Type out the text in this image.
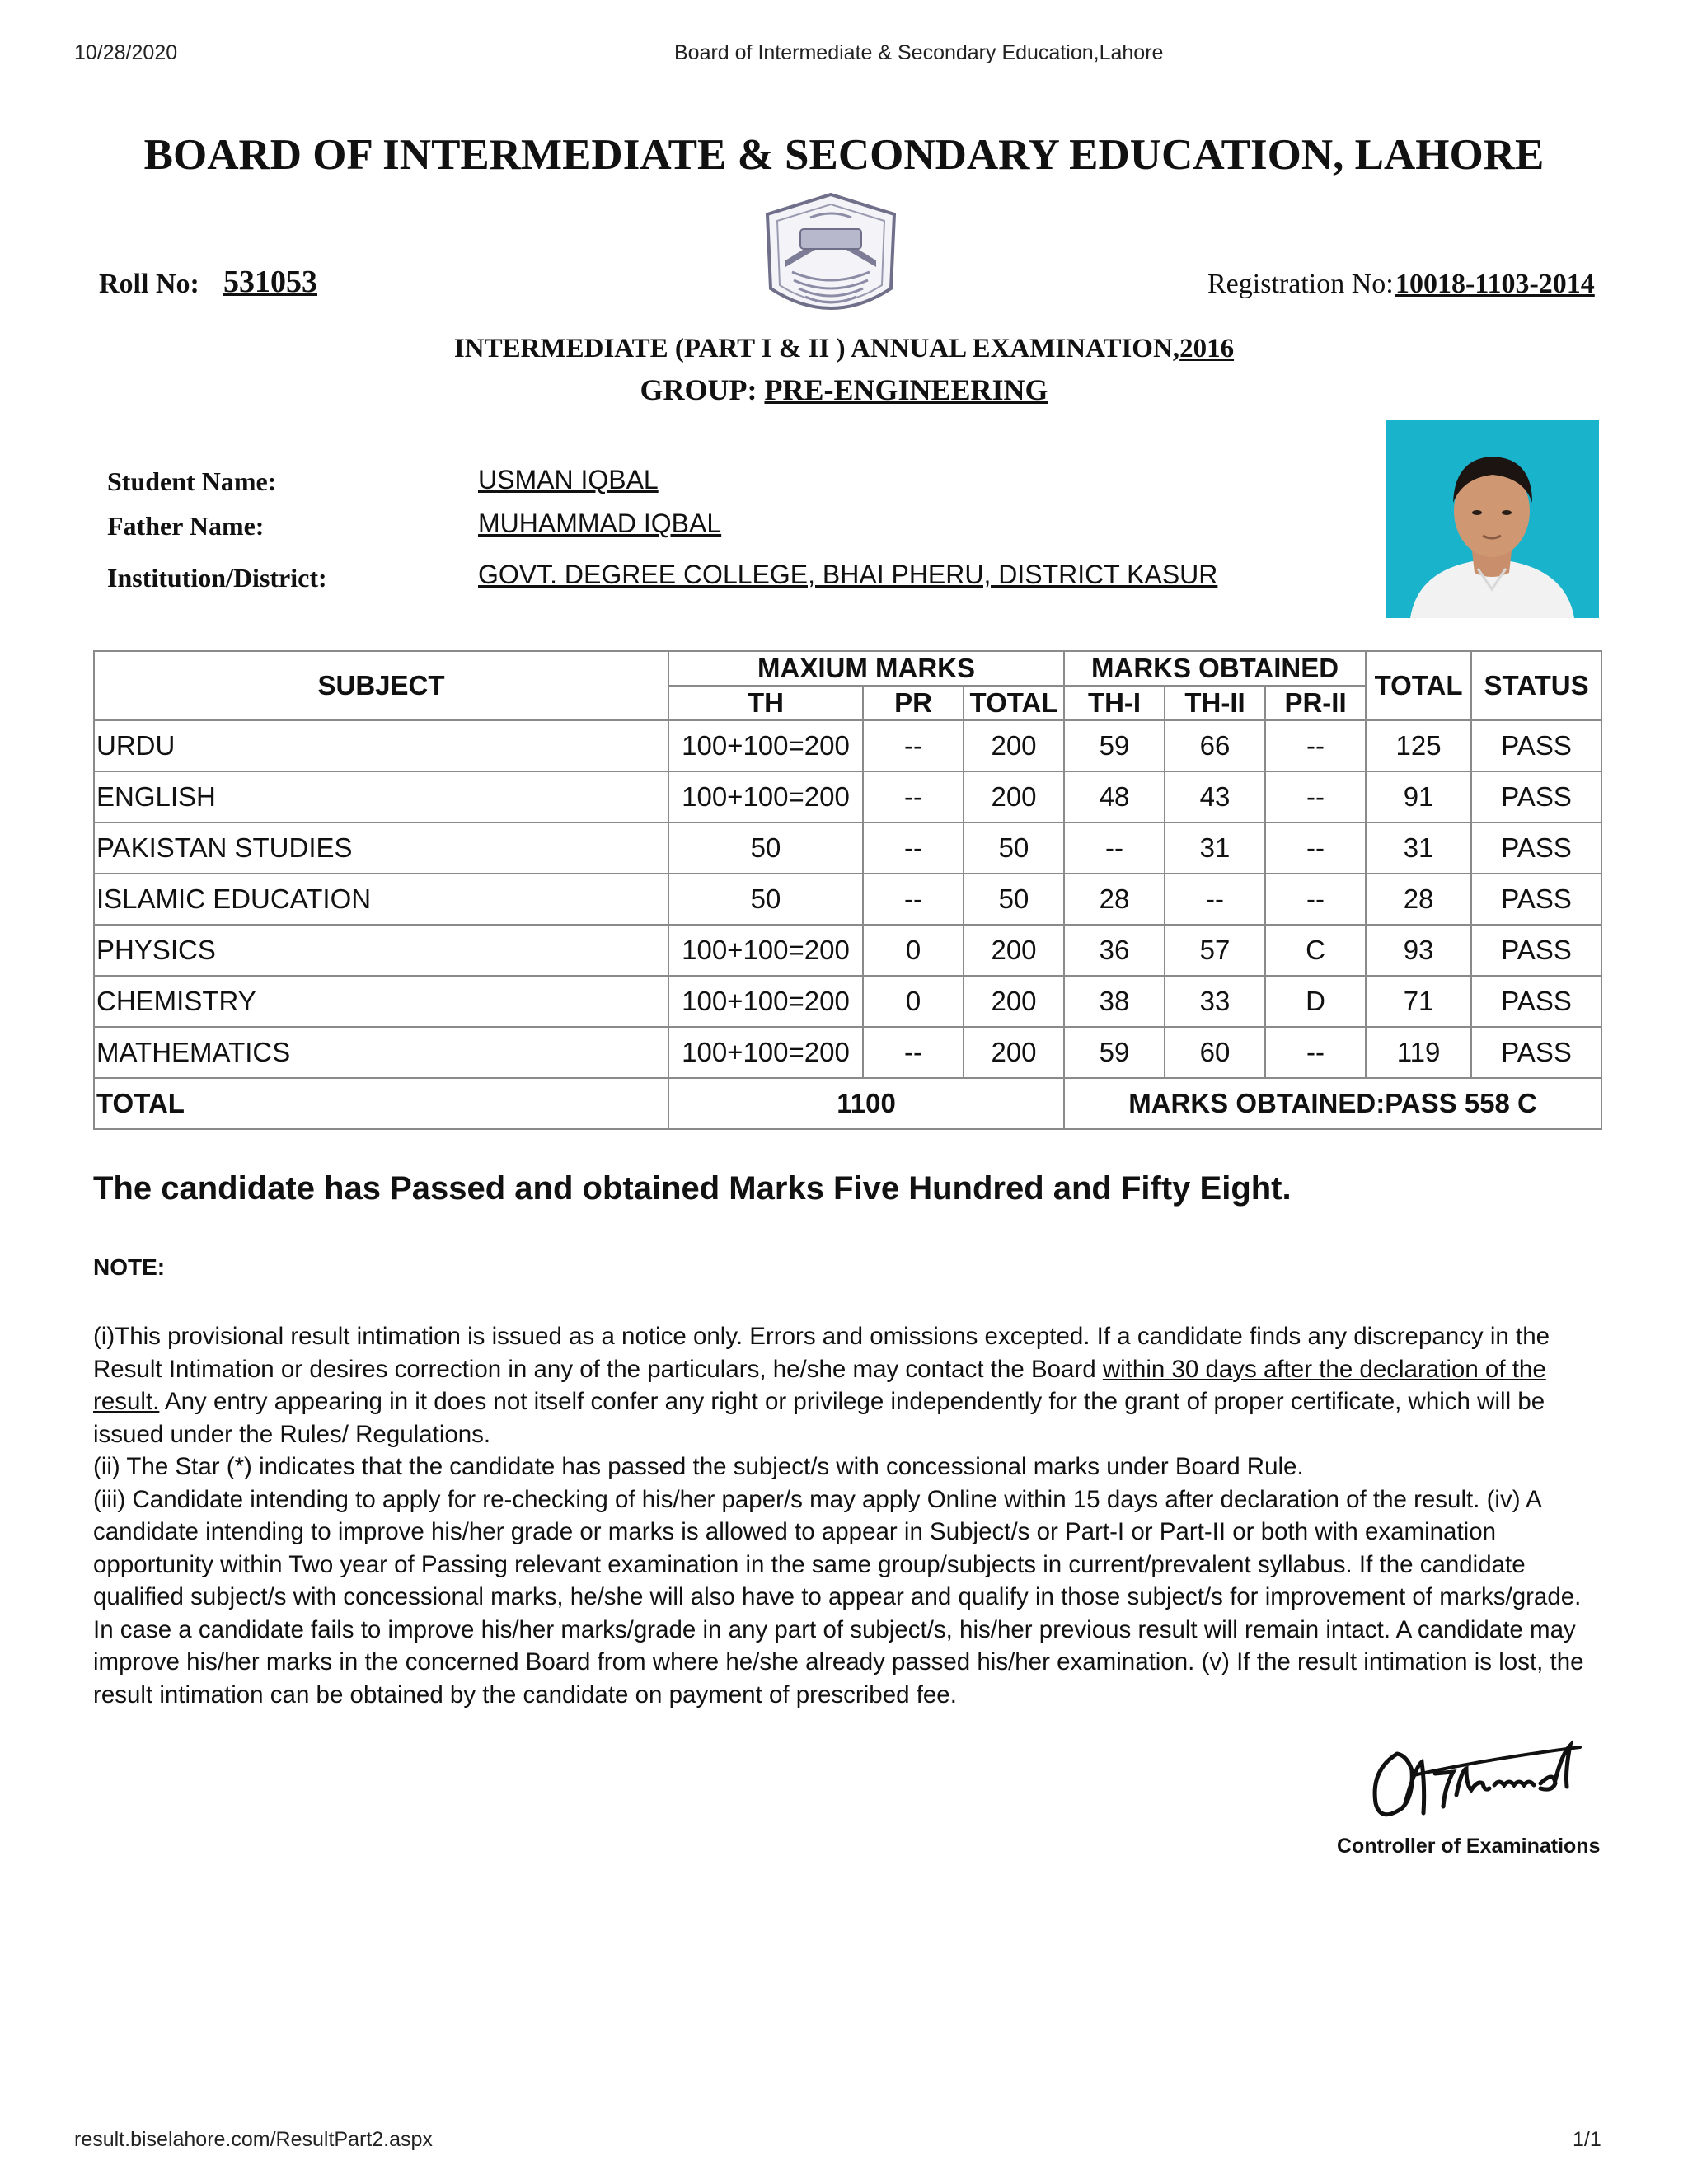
10/28/2020	Board of Intermediate & Secondary Education,Lahore
BOARD OF INTERMEDIATE & SECONDARY EDUCATION, LAHORE
Roll No: 531053	Registration No: 10018-1103-2014
INTERMEDIATE (PART I & II ) ANNUAL EXAMINATION,2016
GROUP: PRE-ENGINEERING
Student Name:	USMAN IQBAL
Father Name:	MUHAMMAD IQBAL
Institution/District:	GOVT. DEGREE COLLEGE, BHAI PHERU, DISTRICT KASUR
SUBJECT	MAXIUM MARKS			MARKS OBTAINED			TOTAL	STATUS
	TH	PR	TOTAL	TH-I	TH-II	PR-II		
URDU	100+100=200	--	200	59	66	--	125	PASS
ENGLISH	100+100=200	--	200	48	43	--	91	PASS
PAKISTAN STUDIES	50	--	50	--	31	--	31	PASS
ISLAMIC EDUCATION	50	--	50	28	--	--	28	PASS
PHYSICS	100+100=200	0	200	36	57	C	93	PASS
CHEMISTRY	100+100=200	0	200	38	33	D	71	PASS
MATHEMATICS	100+100=200	--	200	59	60	--	119	PASS
TOTAL	1100			MARKS OBTAINED:PASS 558 C				
The candidate has Passed and obtained Marks Five Hundred and Fifty Eight.
NOTE:

(i)This provisional result intimation is issued as a notice only. Errors and omissions excepted. If a candidate finds any discrepancy in the Result Intimation or desires correction in any of the particulars, he/she may contact the Board within 30 days after the declaration of the result. Any entry appearing in it does not itself confer any right or privilege independently for the grant of proper certificate, which will be issued under the Rules/ Regulations.

(ii) The Star (*) indicates that the candidate has passed the subject/s with concessional marks under Board Rule.

(iii) Candidate intending to apply for re-checking of his/her paper/s may apply Online within 15 days after declaration of the result. (iv) A candidate intending to improve his/her grade or marks is allowed to appear in Subject/s or Part-I or Part-II or both with examination opportunity within Two year of Passing relevant examination in the same group/subjects in current/prevalent syllabus. If the candidate qualified subject/s with concessional marks, he/she will also have to appear and qualify in those subject/s for improvement of marks/grade. In case a candidate fails to improve his/her marks/grade in any part of subject/s, his/her previous result will remain intact. A candidate may improve his/her marks in the concerned Board from where he/she already passed his/her examination. (v) If the result intimation is lost, the result intimation can be obtained by the candidate on payment of prescribed fee.

Controller of Examinations
result.biselahore.com/ResultPart2.aspx	1/1
